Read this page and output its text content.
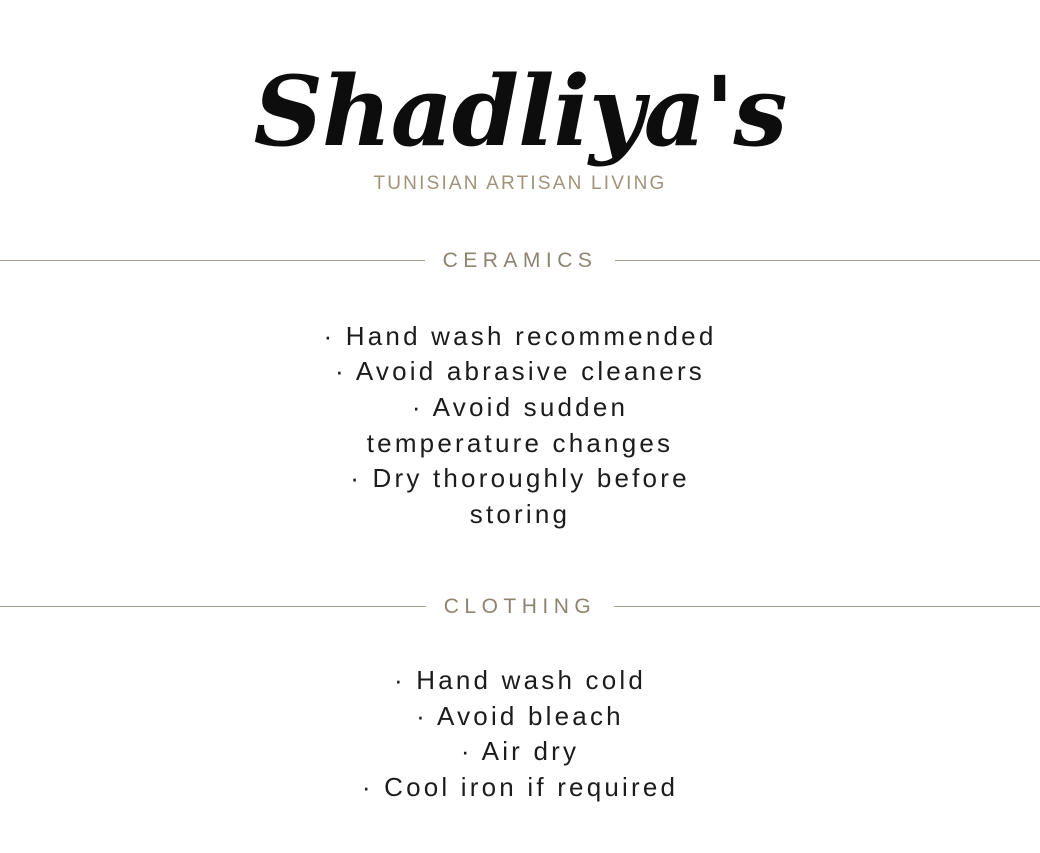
Shadliya's
TUNISIAN ARTISAN LIVING
CERAMICS
· Hand wash recommended
· Avoid abrasive cleaners
· Avoid sudden
temperature changes
· Dry thoroughly before
storing
CLOTHING
· Hand wash cold
· Avoid bleach
· Air dry
· Cool iron if required
